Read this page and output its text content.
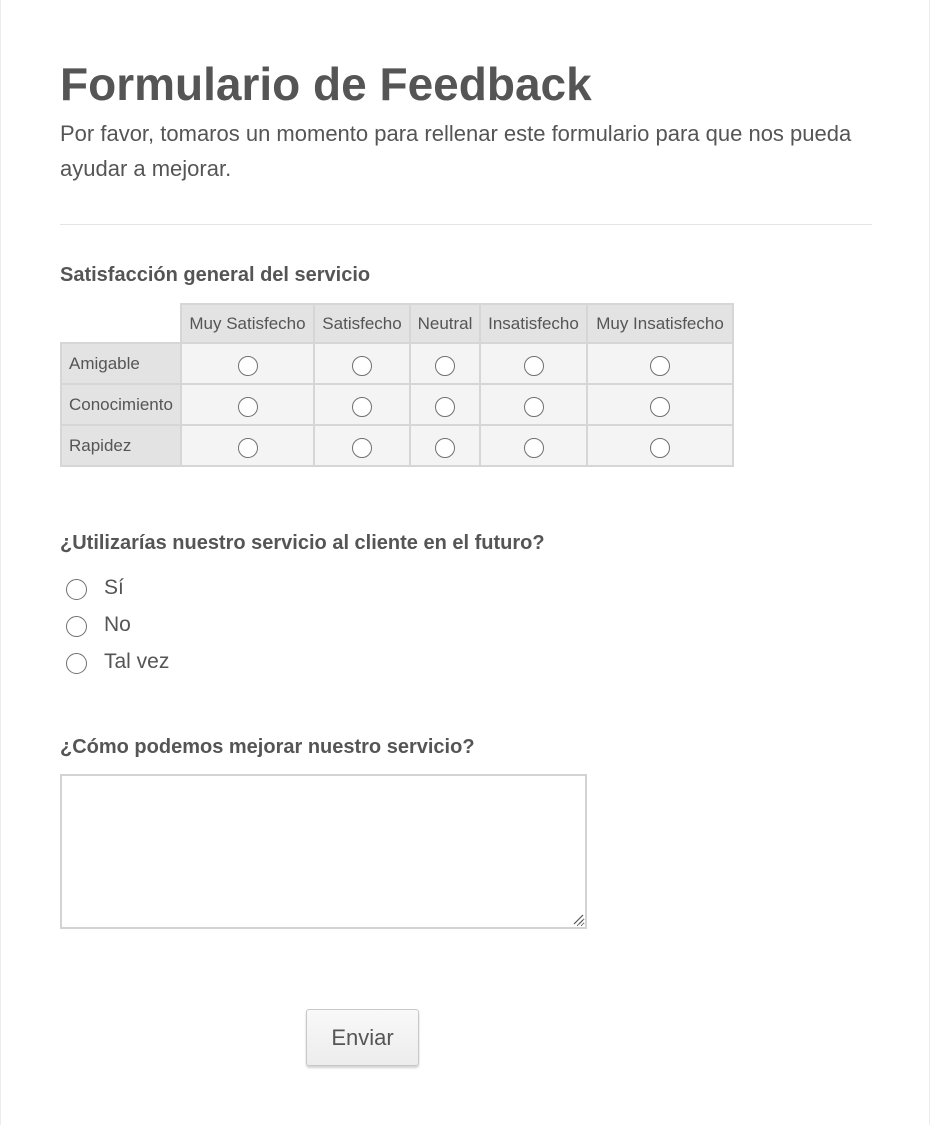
Formulario de Feedback

Por favor, tomaros un momento para rellenar este formulario para que nos pueda ayudar a mejorar.

Satisfacción general del servicio
	Muy Satisfecho	Satisfecho	Neutral	Insatisfecho	Muy Insatisfecho
Amigable					
Conocimiento					
Rapidez					
¿Utilizarías nuestro servicio al cliente en el futuro?
Sí
No
Tal vez
¿Cómo podemos mejorar nuestro servicio?
Enviar
